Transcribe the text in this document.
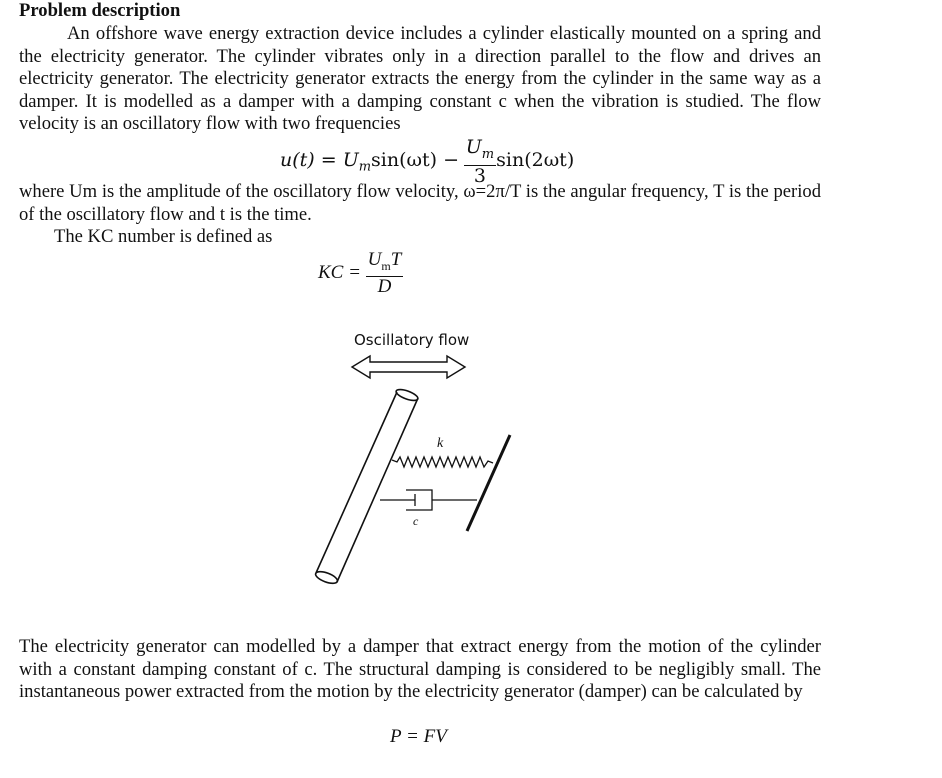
Problem description

An offshore wave energy extraction device includes a cylinder elastically mounted on a spring and the electricity generator. The cylinder vibrates only in a direction parallel to the flow and drives an electricity generator. The electricity generator extracts the energy from the cylinder in the same way as a damper. It is modelled as a damper with a damping constant c when the vibration is studied. The flow velocity is an oscillatory flow with two frequencies

$u(t) = U_m\sin(\omega t) - \frac{U_m}{3} \sin(2\omega t)$

where Um is the amplitude of the oscillatory flow velocity, ω=2π/T is the angular frequency, T is the period of the oscillatory flow and t is the time.

The KC number is defined as

KC = $\frac{U_mT}{D}$
Oscillatory flow
k
c

The electricity generator can modelled by a damper that extract energy from the motion of the cylinder with a constant damping constant of c. The structural damping is considered to be negligibly small. The instantaneous power extracted from the motion by the electricity generator (damper) can be calculated by

P = FV
